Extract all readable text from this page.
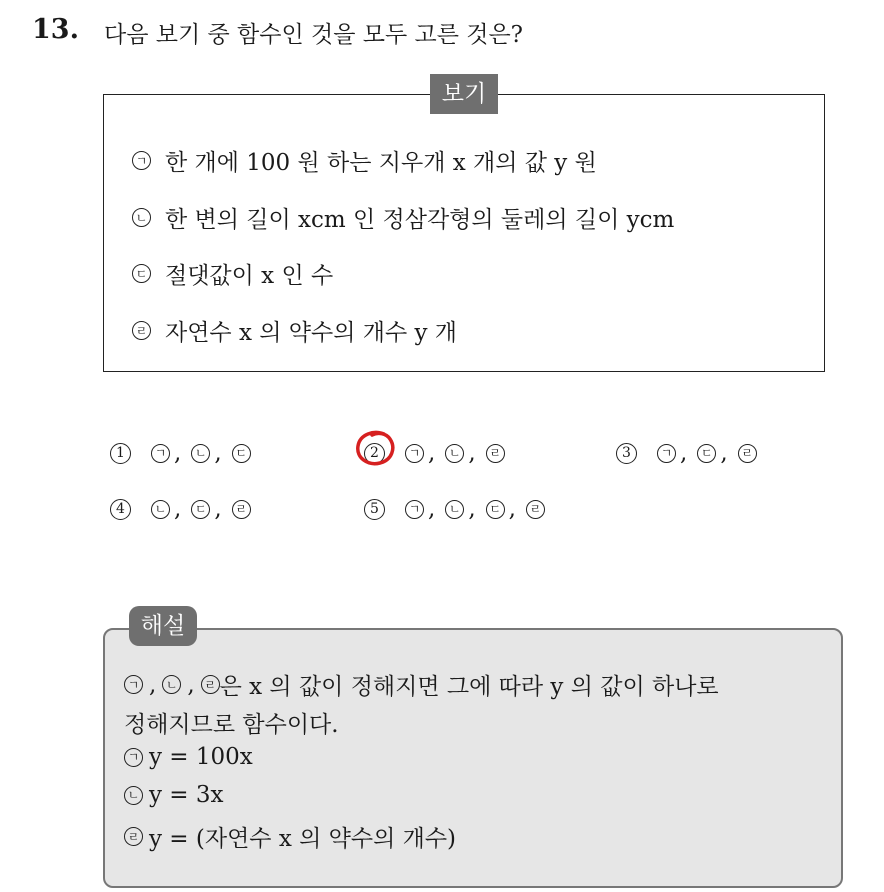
13. 다음 보기 중 함수인 것을 모두 고른 것은?
보기
ㄱ 한 개에 100 원 하는 지우개 x 개의 값 y 원
ㄴ 한 변의 길이 xcm 인 정삼각형의 둘레의 길이 ycm
ㄷ 절댓값이 x 인 수
ㄹ 자연수 x 의 약수의 개수 y 개
1	ㄱ ,	ㄴ ,	ㄷ	2	ㄱ ,	ㄴ ,	ㄹ	3	ㄱ ,	ㄷ ,	ㄹ
4	ㄴ ,	ㄷ ,	ㄹ	5	ㄱ ,	ㄴ ,	ㄷ ,	ㄹ
해설
ㄱ , ㄴ , ㄹ 은 x 의 값이 정해지면 그에 따라 y 의 값이 하나로
정해지므로 함수이다.
ㄱ y = 100x
ㄴ y = 3x
ㄹ y = (자연수 x 의 약수의 개수)
